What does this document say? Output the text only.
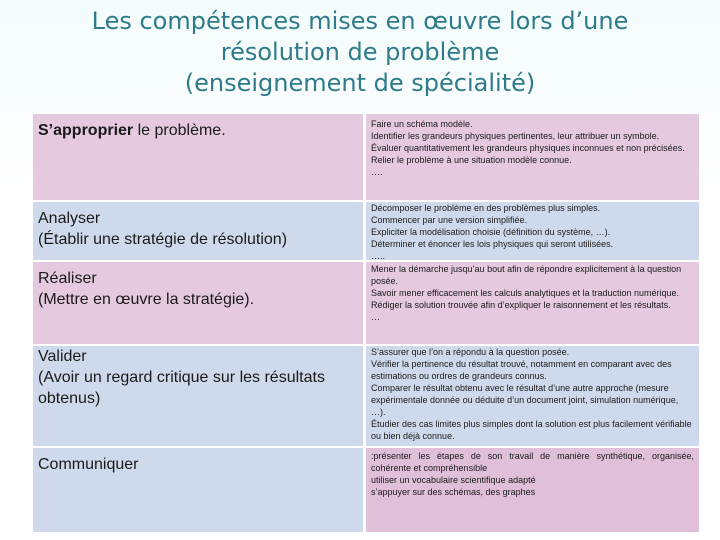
Les compétences mises en œuvre lors d’une
résolution de problème
(enseignement de spécialité)
S’approprier le problème.	Faire un schéma modèle.

Identifier les grandeurs physiques pertinentes, leur attribuer un symbole.

Évaluer quantitativement les grandeurs physiques inconnues et non précisées.

Relier le problème à une situation modèle connue.

….

Analyser
(Établir une stratégie de résolution)

Décomposer le problème en des problèmes plus simples.

Commencer par une version simplifiée.

Expliciter la modélisation choisie (définition du système, …).

Déterminer et énoncer les lois physiques qui seront utilisées.

…..

Réaliser
(Mettre en œuvre la stratégie).

Mener la démarche jusqu’au bout afin de répondre explicitement à la question posée.

Savoir mener efficacement les calculs analytiques et la traduction numérique.

Rédiger la solution trouvée afin d’expliquer le raisonnement et les résultats.

…

Valider
(Avoir un regard critique sur les résultats obtenus)

S’assurer que l’on a répondu à la question posée.

Vérifier la pertinence du résultat trouvé, notamment en comparant avec des estimations ou ordres de grandeurs connus.

Comparer le résultat obtenu avec le résultat d’une autre approche (mesure expérimentale donnée ou déduite d’un document joint, simulation numérique, …).

Étudier des cas limites plus simples dont la solution est plus facilement vérifiable ou bien déjà connue.

Communiquer	:présenter les étapes de son travail de manière synthétique, organisée, cohérente et compréhensible

utiliser un vocabulaire scientifique adapté

s’appuyer sur des schémas, des graphes
